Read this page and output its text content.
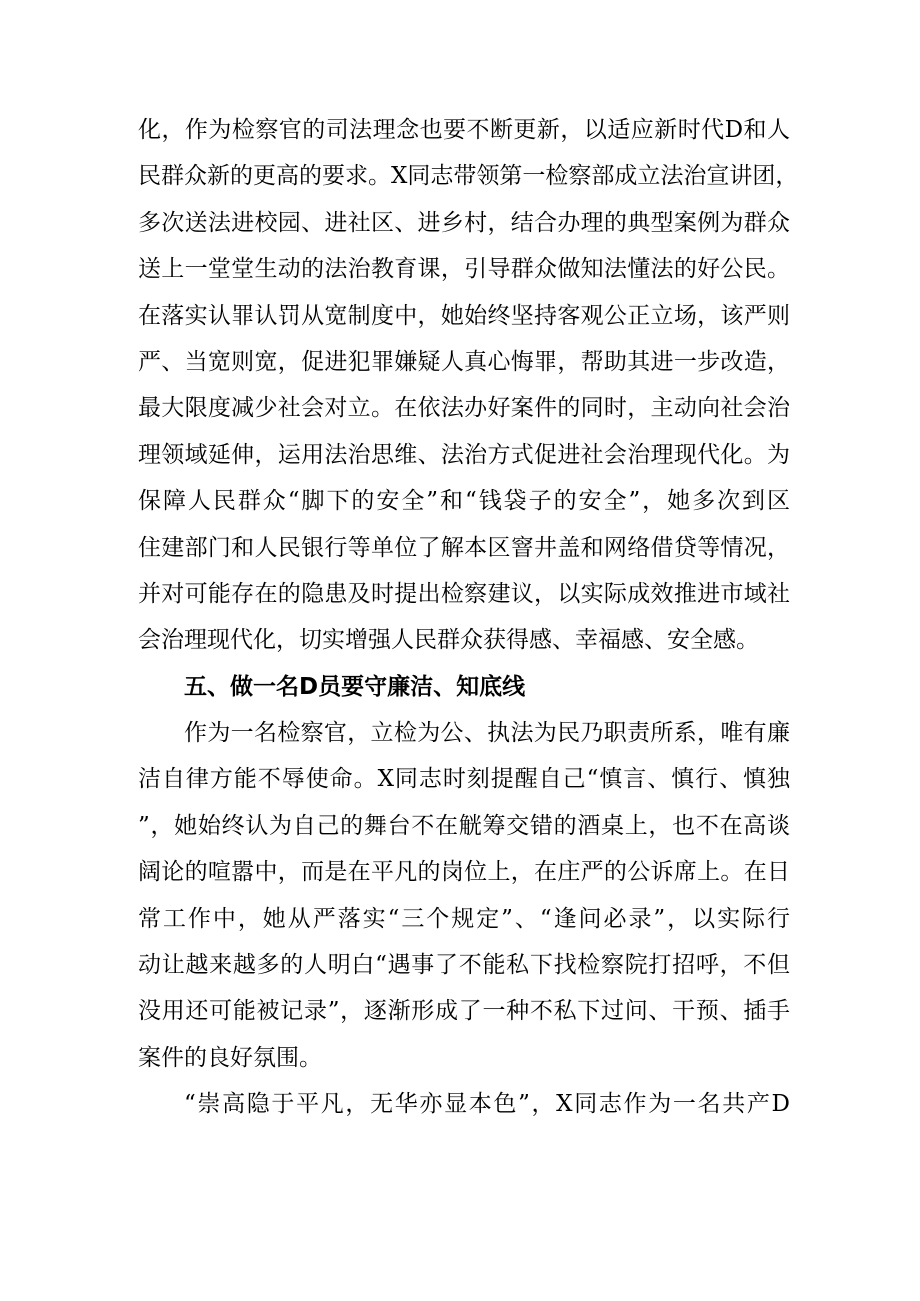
化，作为检察官的司法理念也要不断更新，以适应新时代D和人
民群众新的更高的要求。X同志带领第一检察部成立法治宣讲团，
多次送法进校园、进社区、进乡村，结合办理的典型案例为群众
送上一堂堂生动的法治教育课，引导群众做知法懂法的好公民。
在落实认罪认罚从宽制度中，她始终坚持客观公正立场，该严则
严、当宽则宽，促进犯罪嫌疑人真心悔罪，帮助其进一步改造，
最大限度减少社会对立。在依法办好案件的同时，主动向社会治
理领域延伸，运用法治思维、法治方式促进社会治理现代化。为
保障人民群众“脚下的安全”和“钱袋子的安全”，她多次到区
住建部门和人民银行等单位了解本区窨井盖和网络借贷等情况，
并对可能存在的隐患及时提出检察建议，以实际成效推进市域社
会治理现代化，切实增强人民群众获得感、幸福感、安全感。
五、做一名D员要守廉洁、知底线
作为一名检察官，立检为公、执法为民乃职责所系，唯有廉
洁自律方能不辱使命。X同志时刻提醒自己“慎言、慎行、慎独
”，她始终认为自己的舞台不在觥筹交错的酒桌上，也不在高谈
阔论的喧嚣中，而是在平凡的岗位上，在庄严的公诉席上。在日
常工作中，她从严落实“三个规定”、“逢问必录”，以实际行
动让越来越多的人明白“遇事了不能私下找检察院打招呼，不但
没用还可能被记录”，逐渐形成了一种不私下过问、干预、插手
案件的良好氛围。
“崇高隐于平凡，无华亦显本色”，X同志作为一名共产D
